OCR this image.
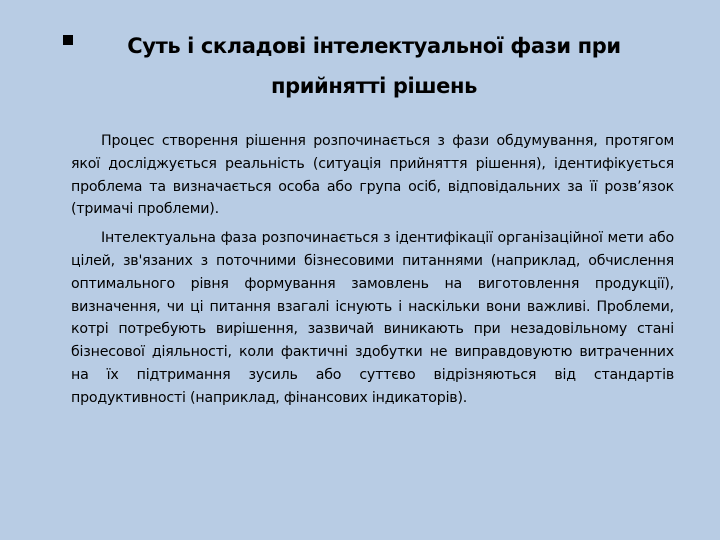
Суть і складові інтелектуальної фази при прийнятті рішень

Процес створення рішення розпочинається з фази обдумування, протягом якої досліджується реальність (ситуація прийняття рішення), ідентифікується проблема та визначається особа або група осіб, відповідальних за її розв’язок (тримачі проблеми).

Інтелектуальна фаза розпочинається з ідентифікації організаційної мети або цілей, зв'язаних з поточними бізнесовими питаннями (наприклад, обчислення оптимального рівня формування замовлень на виготовлення продукції), визначення, чи ці питання взагалі існують і наскільки вони важливі. Проблеми, котрі потребують вирішення, зазвичай виникають при незадовільному стані бізнесової діяльності, коли фактичні здобутки не виправдовуютю витраченних на їх підтримання зусиль або суттєво відрізняються від стандартів продуктивності (наприклад, фінансових індикаторів).
